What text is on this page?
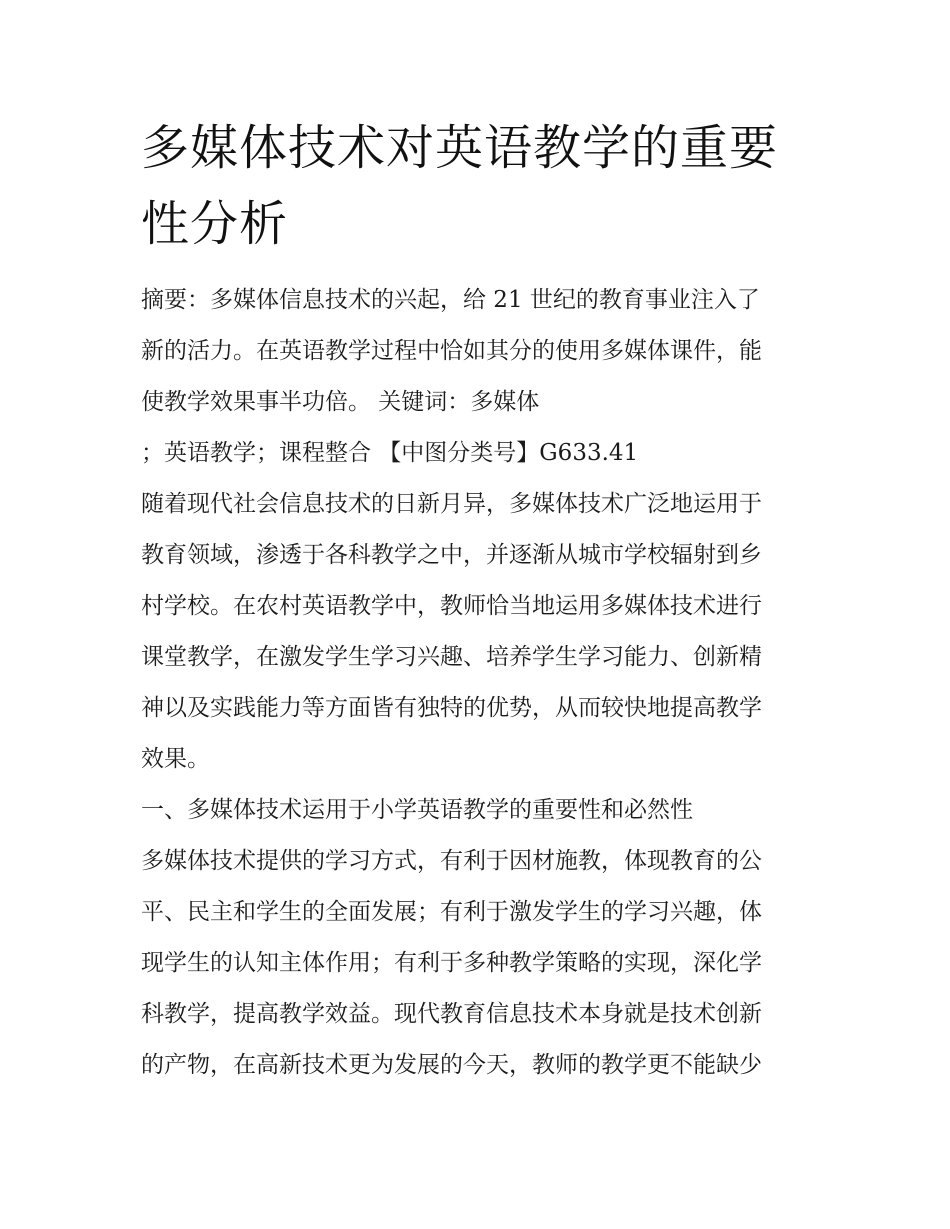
多媒体技术对英语教学的重要
性分析

摘要：多媒体信息技术的兴起，给 21 世纪的教育事业注入了

新的活力。在英语教学过程中恰如其分的使用多媒体课件，能

使教学效果事半功倍。 关键词：多媒体

；英语教学；课程整合 【中图分类号】G633.41

随着现代社会信息技术的日新月异，多媒体技术广泛地运用于

教育领域，渗透于各科教学之中，并逐渐从城市学校辐射到乡

村学校。在农村英语教学中，教师恰当地运用多媒体技术进行

课堂教学，在激发学生学习兴趣、培养学生学习能力、创新精

神以及实践能力等方面皆有独特的优势，从而较快地提高教学

效果。

一、多媒体技术运用于小学英语教学的重要性和必然性

多媒体技术提供的学习方式，有利于因材施教，体现教育的公

平、民主和学生的全面发展；有利于激发学生的学习兴趣，体

现学生的认知主体作用；有利于多种教学策略的实现，深化学

科教学，提高教学效益。现代教育信息技术本身就是技术创新

的产物，在高新技术更为发展的今天，教师的教学更不能缺少
